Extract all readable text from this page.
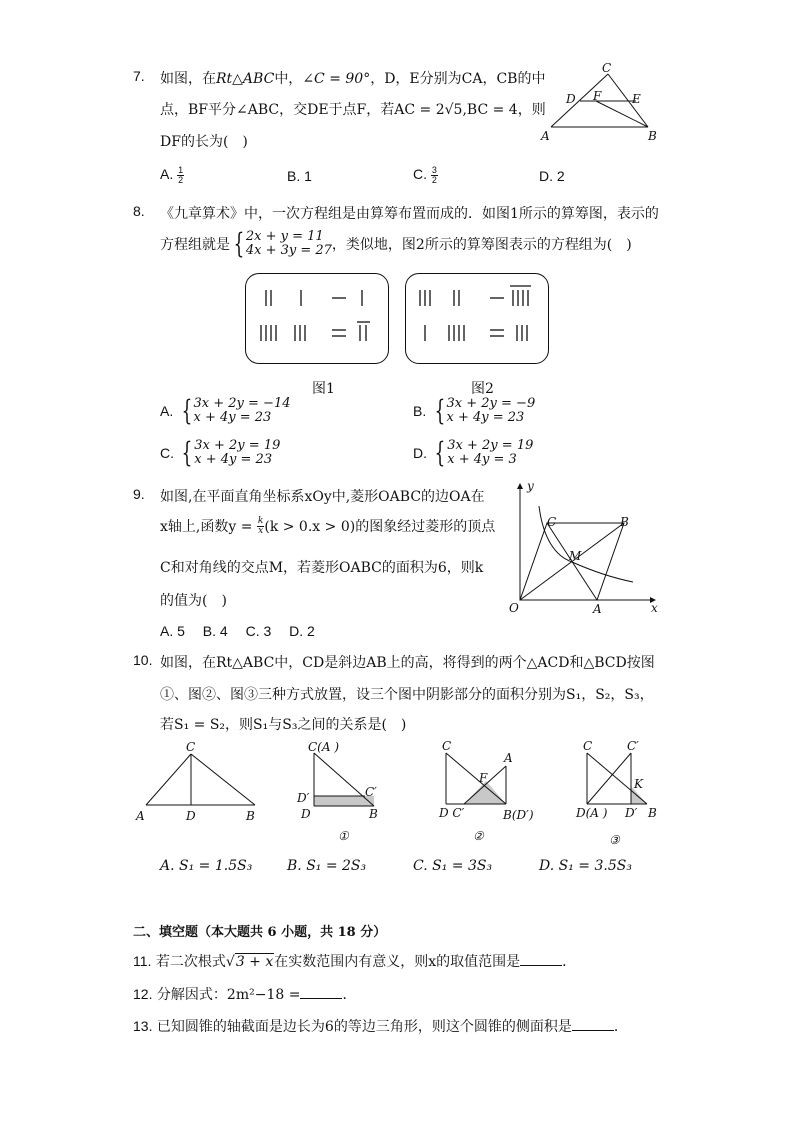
7. 如图，在Rt△ABC中，∠C = 90°，D，E分别为CA，CB的中
点，BF平分∠ABC，交DE于点F，若AC = 2√5,BC = 4，则
DF的长为(　)
A. $\frac{1}{2}$	B. 1	C. $\frac{3}{2}$	D. 2
C
D F	E
A	B
8. 《九章算术》中，一次方程组是由算筹布置而成的．如图1所示的算筹图，表示的
方程组就是 { 2x + y = 11
4x + 3y = 27 ，类似地，图2所示的算筹图表示的方程组为(　)
图1	图2
A. { 3x + 2y = −14
x + 4y = 23	B. { 3x + 2y = −9
x + 4y = 23
C. { 3x + 2y = 19
x + 4y = 23	D. { 3x + 2y = 19
x + 4y = 3
9. 如图,在平面直角坐标系xOy中,菱形OABC的边OA在
x轴上,函数$y = \frac{k}{x} (k > 0.x > 0)$的图象经过菱形的顶点
C和对角线的交点M，若菱形OABC的面积为6，则k
的值为(　)
A. 5　 B. 4　 C. 3　 D. 2
y
C	B
M
O	A	x
10. 如图，在Rt△ABC中，CD是斜边AB上的高，将得到的两个△ACD和△BCD按图
①、图②、图③三种方式放置，设三个图中阴影部分的面积分别为S₁，S₂，S₃，
若S₁ = S₂，则S₁与S₃之间的关系是(　)
C
A	D	B
C(A )
D′	C′
D	B
①
C
A
F
D C′	B(D′)
②
C	C′
K
D(A ) D′ B
③
A. S₁ = 1.5S₃ B. S₁ = 2S₃	C. S₁ = 3S₃	D. S₁ = 3.5S₃
二、填空题（本大题共 6 小题，共 18 分）
11. 若二次根式√3 + x在实数范围内有意义，则x的取值范围是	．
12. 分解因式：2m²−18 =	．
13. 已知圆锥的轴截面是边长为6的等边三角形，则这个圆锥的侧面积是	．
